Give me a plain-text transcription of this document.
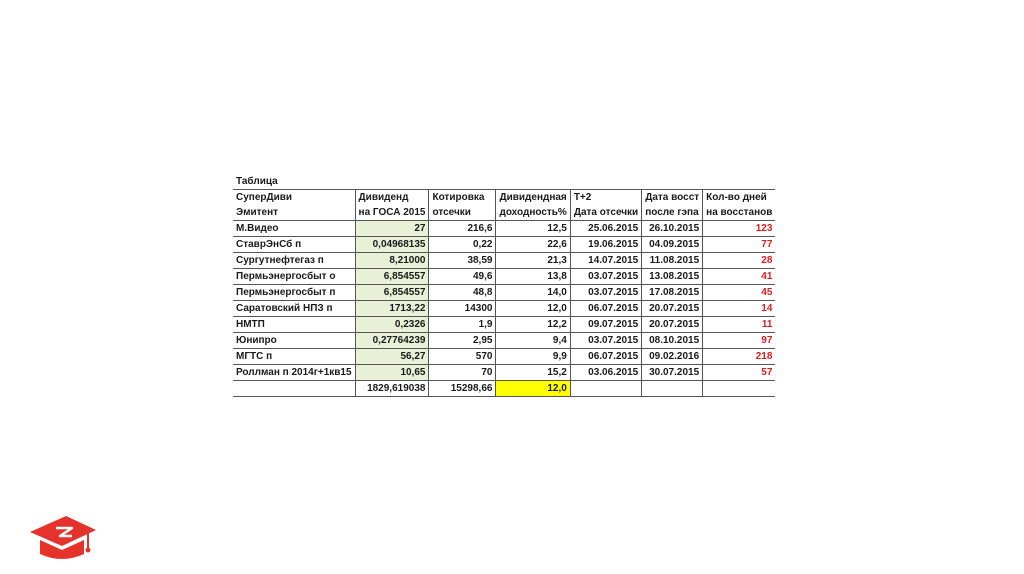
Таблица						
СуперДиви	Дивиденд	Котировка	Дивидендная	T+2	Дата восст	Кол-во дней
Эмитент	на ГОСА 2015	отсечки	доходность%	Дата отсечки	после гэпа	на восстанов
М.Видео	27	216,6	12,5	25.06.2015	26.10.2015	123
СтаврЭнСб п	0,04968135	0,22	22,6	19.06.2015	04.09.2015	77
Сургутнефтегаз п	8,21000	38,59	21,3	14.07.2015	11.08.2015	28
Пермьэнергосбыт о	6,854557	49,6	13,8	03.07.2015	13.08.2015	41
Пермьэнергосбыт п	6,854557	48,8	14,0	03.07.2015	17.08.2015	45
Саратовский НПЗ п	1713,22	14300	12,0	06.07.2015	20.07.2015	14
НМТП	0,2326	1,9	12,2	09.07.2015	20.07.2015	11
Юнипро	0,27764239	2,95	9,4	03.07.2015	08.10.2015	97
МГТС п	56,27	570	9,9	06.07.2015	09.02.2016	218
Роллман п 2014г+1кв15	10,65	70	15,2	03.06.2015	30.07.2015	57
	1829,619038	15298,66	12,0			
